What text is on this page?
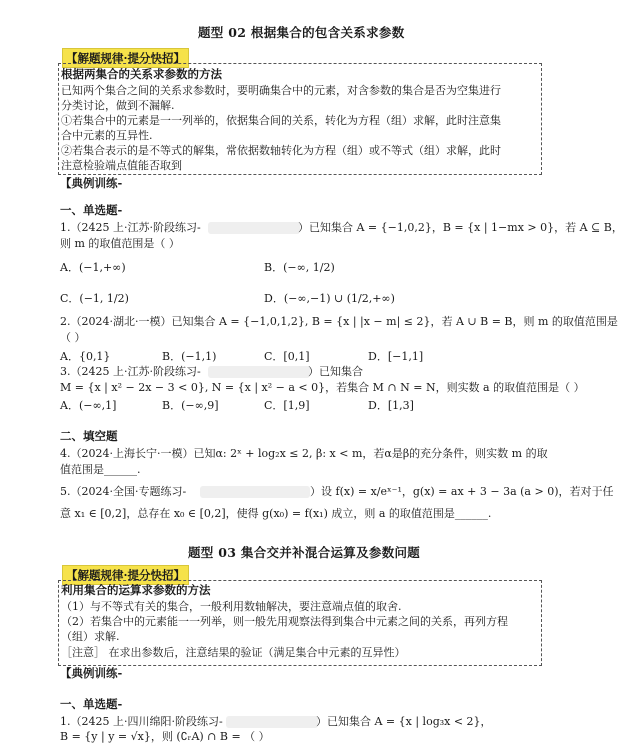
题型 02 根据集合的包含关系求参数
【解题规律·提分快招】
根据两集合的关系求参数的方法
已知两个集合之间的关系求参数时，要明确集合中的元素，对含参数的集合是否为空集进行
分类讨论，做到不漏解.
①若集合中的元素是一一列举的，依据集合间的关系，转化为方程（组）求解，此时注意集
合中元素的互异性.
②若集合表示的是不等式的解集，常依据数轴转化为方程（组）或不等式（组）求解，此时
注意检验端点值能否取到
【典例训练-
一、单选题-
1.（2425 上·江苏·阶段练习-	）已知集合 A = {−1,0,2}，B = {x | 1−mx > 0}，若 A ⊆ B，
则 m 的取值范围是（ ）
A．(−1,+∞)	B．(−∞, 1/2)
C．(−1, 1/2)	D．(−∞,−1) ∪ (1/2,+∞)
2.（2024·湖北·一模）已知集合 A = {−1,0,1,2}, B = {x | |x − m| ≤ 2}，若 A ∪ B = B，则 m 的取值范围是
（ ）
A．{0,1}	B．(−1,1)	C．[0,1]	D．[−1,1]
3.（2425 上·江苏·阶段练习-	）已知集合
M = {x | x² − 2x − 3 < 0}, N = {x | x² − a < 0}，若集合 M ∩ N = N，则实数 a 的取值范围是（ ）
A．(−∞,1]	B．(−∞,9]	C．[1,9]	D．[1,3]
二、填空题
4.（2024·上海长宁·一模）已知α: 2ˣ + log₂x ≤ 2, β: x < m，若α是β的充分条件，则实数 m 的取
值范围是______.
5.（2024·全国·专题练习-	）设 f(x) = x/eˣ⁻¹，g(x) = ax + 3 − 3a (a > 0)，若对于任
意 x₁ ∈ [0,2]，总存在 x₀ ∈ [0,2]，使得 g(x₀) = f(x₁) 成立，则 a 的取值范围是______.
题型 03 集合交并补混合运算及参数问题
【解题规律·提分快招】
利用集合的运算求参数的方法
（1）与不等式有关的集合，一般利用数轴解决，要注意端点值的取舍.
（2）若集合中的元素能一一列举，则一般先用观察法得到集合中元素之间的关系，再列方程
（组）求解.
［注意］ 在求出参数后，注意结果的验证（满足集合中元素的互异性）
【典例训练-
一、单选题-
1.（2425 上·四川绵阳·阶段练习-	）已知集合 A = {x | log₃x < 2}，
B = {y | y = √x}，则 (∁ᵣA) ∩ B = （ ）
